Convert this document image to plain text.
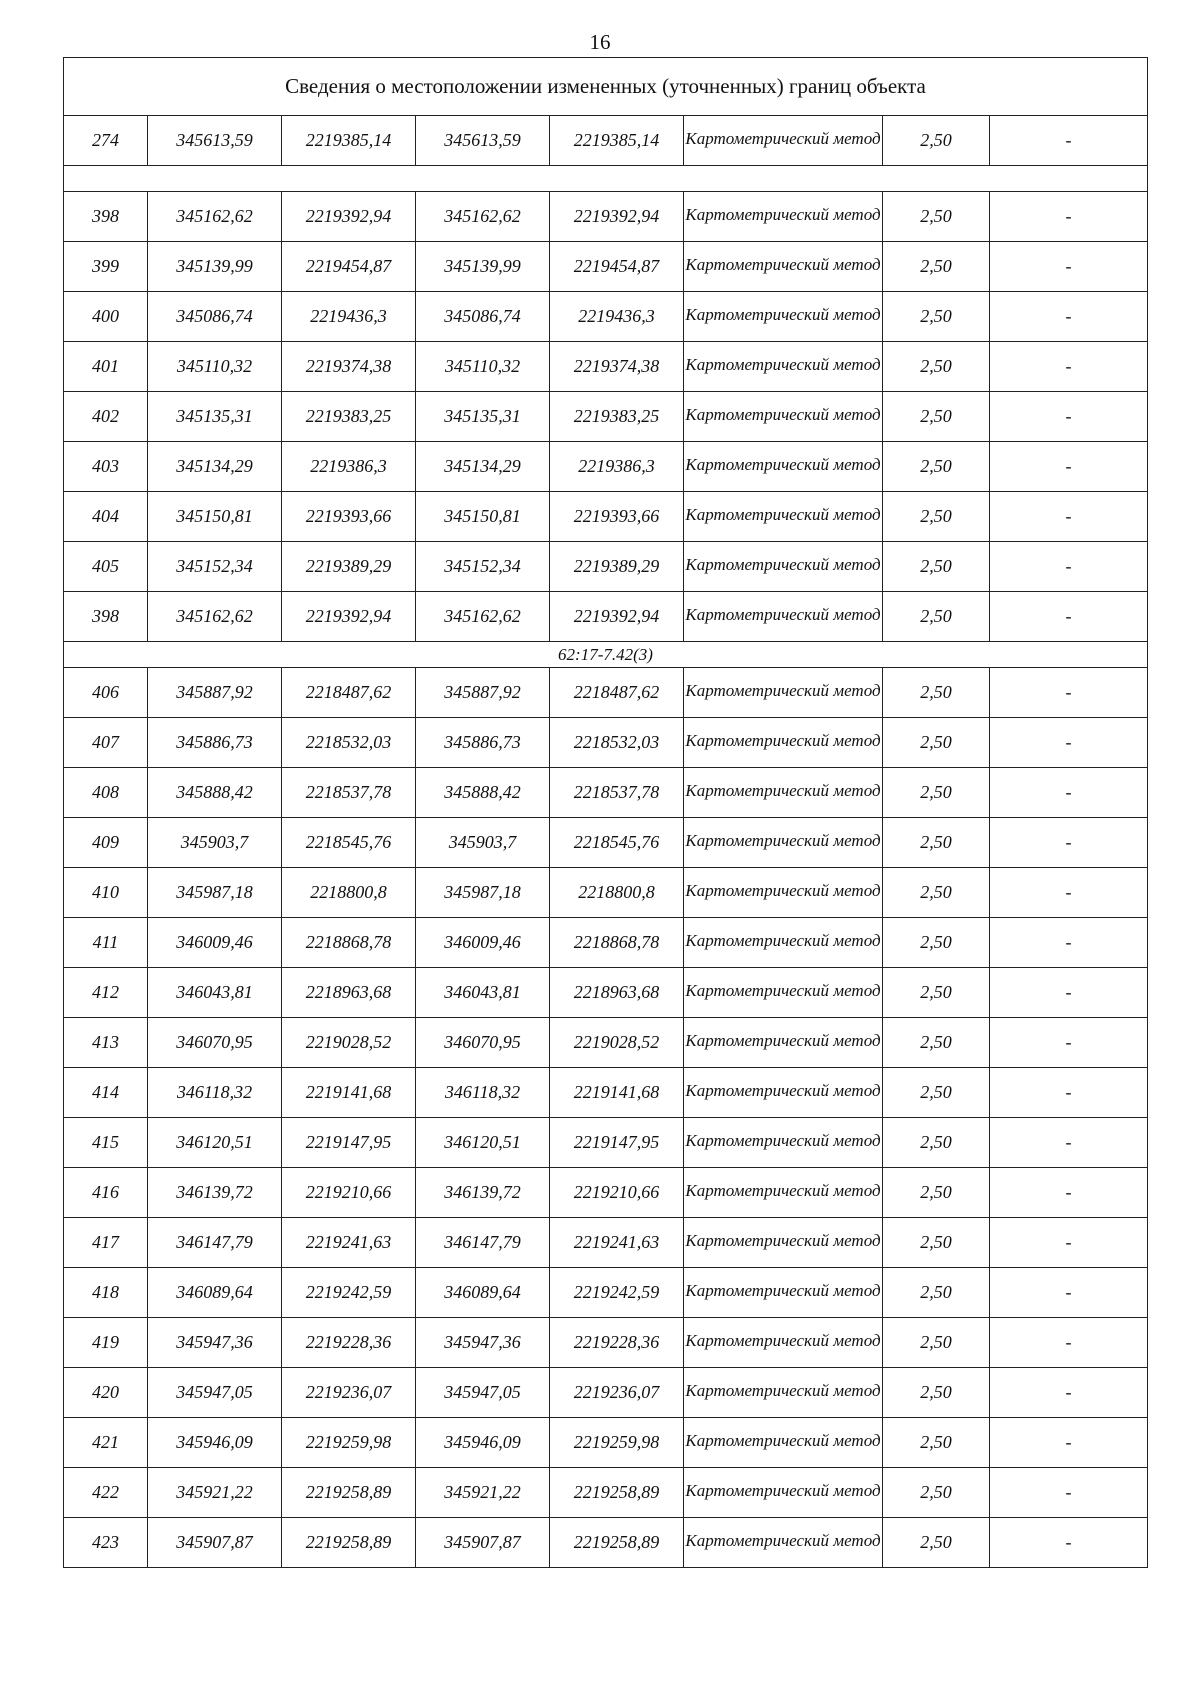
16
Сведения о местоположении измененных (уточненных) границ объекта							
274	345613,59	2219385,14	345613,59	2219385,14	Картометрический метод	2,50	-

398	345162,62	2219392,94	345162,62	2219392,94	Картометрический метод	2,50	-
399	345139,99	2219454,87	345139,99	2219454,87	Картометрический метод	2,50	-
400	345086,74	2219436,3	345086,74	2219436,3	Картометрический метод	2,50	-
401	345110,32	2219374,38	345110,32	2219374,38	Картометрический метод	2,50	-
402	345135,31	2219383,25	345135,31	2219383,25	Картометрический метод	2,50	-
403	345134,29	2219386,3	345134,29	2219386,3	Картометрический метод	2,50	-
404	345150,81	2219393,66	345150,81	2219393,66	Картометрический метод	2,50	-
405	345152,34	2219389,29	345152,34	2219389,29	Картометрический метод	2,50	-
398	345162,62	2219392,94	345162,62	2219392,94	Картометрический метод	2,50	-
62:17-7.42(3)							
406	345887,92	2218487,62	345887,92	2218487,62	Картометрический метод	2,50	-
407	345886,73	2218532,03	345886,73	2218532,03	Картометрический метод	2,50	-
408	345888,42	2218537,78	345888,42	2218537,78	Картометрический метод	2,50	-
409	345903,7	2218545,76	345903,7	2218545,76	Картометрический метод	2,50	-
410	345987,18	2218800,8	345987,18	2218800,8	Картометрический метод	2,50	-
411	346009,46	2218868,78	346009,46	2218868,78	Картометрический метод	2,50	-
412	346043,81	2218963,68	346043,81	2218963,68	Картометрический метод	2,50	-
413	346070,95	2219028,52	346070,95	2219028,52	Картометрический метод	2,50	-
414	346118,32	2219141,68	346118,32	2219141,68	Картометрический метод	2,50	-
415	346120,51	2219147,95	346120,51	2219147,95	Картометрический метод	2,50	-
416	346139,72	2219210,66	346139,72	2219210,66	Картометрический метод	2,50	-
417	346147,79	2219241,63	346147,79	2219241,63	Картометрический метод	2,50	-
418	346089,64	2219242,59	346089,64	2219242,59	Картометрический метод	2,50	-
419	345947,36	2219228,36	345947,36	2219228,36	Картометрический метод	2,50	-
420	345947,05	2219236,07	345947,05	2219236,07	Картометрический метод	2,50	-
421	345946,09	2219259,98	345946,09	2219259,98	Картометрический метод	2,50	-
422	345921,22	2219258,89	345921,22	2219258,89	Картометрический метод	2,50	-
423	345907,87	2219258,89	345907,87	2219258,89	Картометрический метод	2,50	-
